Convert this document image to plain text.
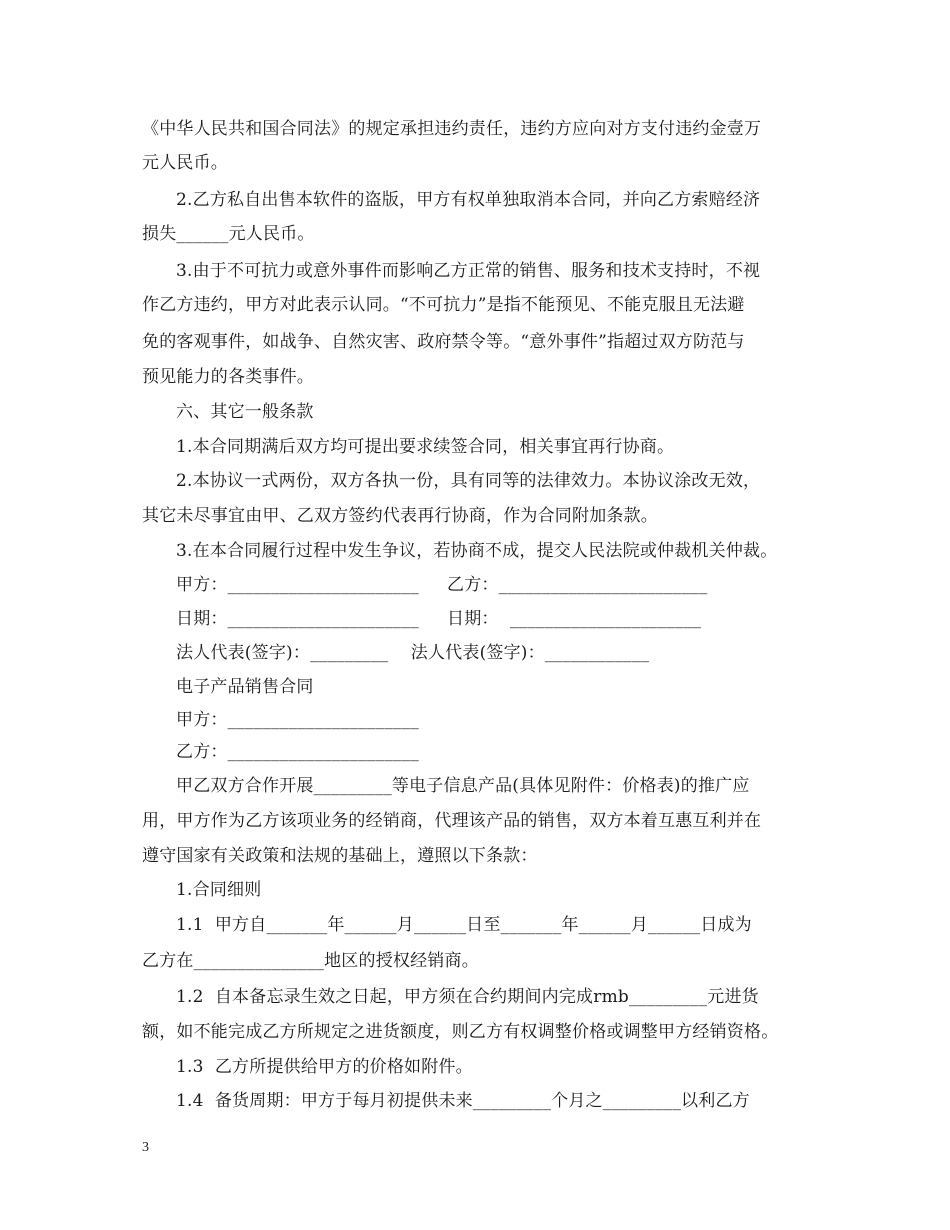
《中华人民共和国合同法》的规定承担违约责任，违约方应向对方支付违约金壹万
元人民币。
2.乙方私自出售本软件的盗版，甲方有权单独取消本合同，并向乙方索赔经济
损失______元人民币。
3.由于不可抗力或意外事件而影响乙方正常的销售、服务和技术支持时，不视
作乙方违约，甲方对此表示认同。“不可抗力”是指不能预见、不能克服且无法避
免的客观事件，如战争、自然灾害、政府禁令等。“意外事件”指超过双方防范与
预见能力的各类事件。
六、其它一般条款
1.本合同期满后双方均可提出要求续签合同，相关事宜再行协商。
2.本协议一式两份，双方各执一份，具有同等的法律效力。本协议涂改无效，
其它未尽事宜由甲、乙双方签约代表再行协商，作为合同附加条款。
3.在本合同履行过程中发生争议，若协商不成，提交人民法院或仲裁机关仲裁。
甲方：______________________     乙方：________________________
日期：______________________     日期：  ______________________
法人代表(签字)：_________    法人代表(签字)：____________
电子产品销售合同
甲方：______________________
乙方：______________________
甲乙双方合作开展_________等电子信息产品(具体见附件：价格表)的推广应
用，甲方作为乙方该项业务的经销商，代理该产品的销售，双方本着互惠互利并在
遵守国家有关政策和法规的基础上，遵照以下条款：
1.合同细则
1.1  甲方自_______年______月______日至_______年______月______日成为
乙方在_______________地区的授权经销商。
1.2  自本备忘录生效之日起，甲方须在合约期间内完成rmb_________元进货
额，如不能完成乙方所规定之进货额度，则乙方有权调整价格或调整甲方经销资格。
1.3  乙方所提供给甲方的价格如附件。
1.4  备货周期：甲方于每月初提供未来_________个月之_________以利乙方
3
